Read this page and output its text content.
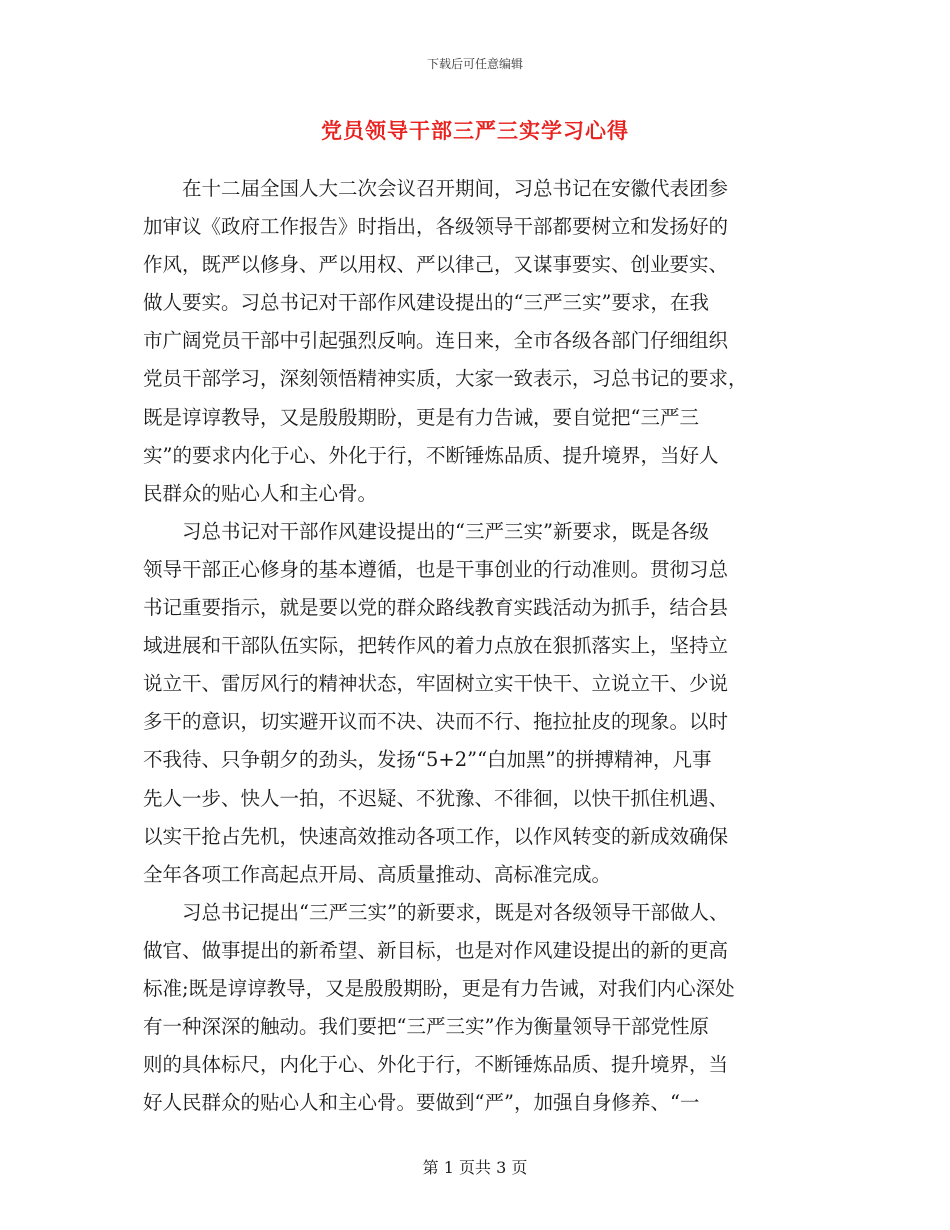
下载后可任意编辑
党员领导干部三严三实学习心得

在十二届全国人大二次会议召开期间，习总书记在安徽代表团参
加审议《政府工作报告》时指出，各级领导干部都要树立和发扬好的
作风，既严以修身、严以用权、严以律己，又谋事要实、创业要实、
做人要实。习总书记对干部作风建设提出的“三严三实”要求，在我
市广阔党员干部中引起强烈反响。连日来，全市各级各部门仔细组织
党员干部学习，深刻领悟精神实质，大家一致表示，习总书记的要求，
既是谆谆教导，又是殷殷期盼，更是有力告诫，要自觉把“三严三
实”的要求内化于心、外化于行，不断锤炼品质、提升境界，当好人
民群众的贴心人和主心骨。

习总书记对干部作风建设提出的“三严三实”新要求，既是各级
领导干部正心修身的基本遵循，也是干事创业的行动准则。贯彻习总
书记重要指示，就是要以党的群众路线教育实践活动为抓手，结合县
域进展和干部队伍实际，把转作风的着力点放在狠抓落实上，坚持立
说立干、雷厉风行的精神状态，牢固树立实干快干、立说立干、少说
多干的意识，切实避开议而不决、决而不行、拖拉扯皮的现象。以时
不我待、只争朝夕的劲头，发扬“5+2”“白加黑”的拼搏精神，凡事
先人一步、快人一拍，不迟疑、不犹豫、不徘徊，以快干抓住机遇、
以实干抢占先机，快速高效推动各项工作，以作风转变的新成效确保
全年各项工作高起点开局、高质量推动、高标准完成。

习总书记提出“三严三实”的新要求，既是对各级领导干部做人、
做官、做事提出的新希望、新目标，也是对作风建设提出的新的更高
标准;既是谆谆教导，又是殷殷期盼，更是有力告诫，对我们内心深处
有一种深深的触动。我们要把“三严三实”作为衡量领导干部党性原
则的具体标尺，内化于心、外化于行，不断锤炼品质、提升境界，当
好人民群众的贴心人和主心骨。要做到“严”，加强自身修养、“一

第 1 页共 3 页
